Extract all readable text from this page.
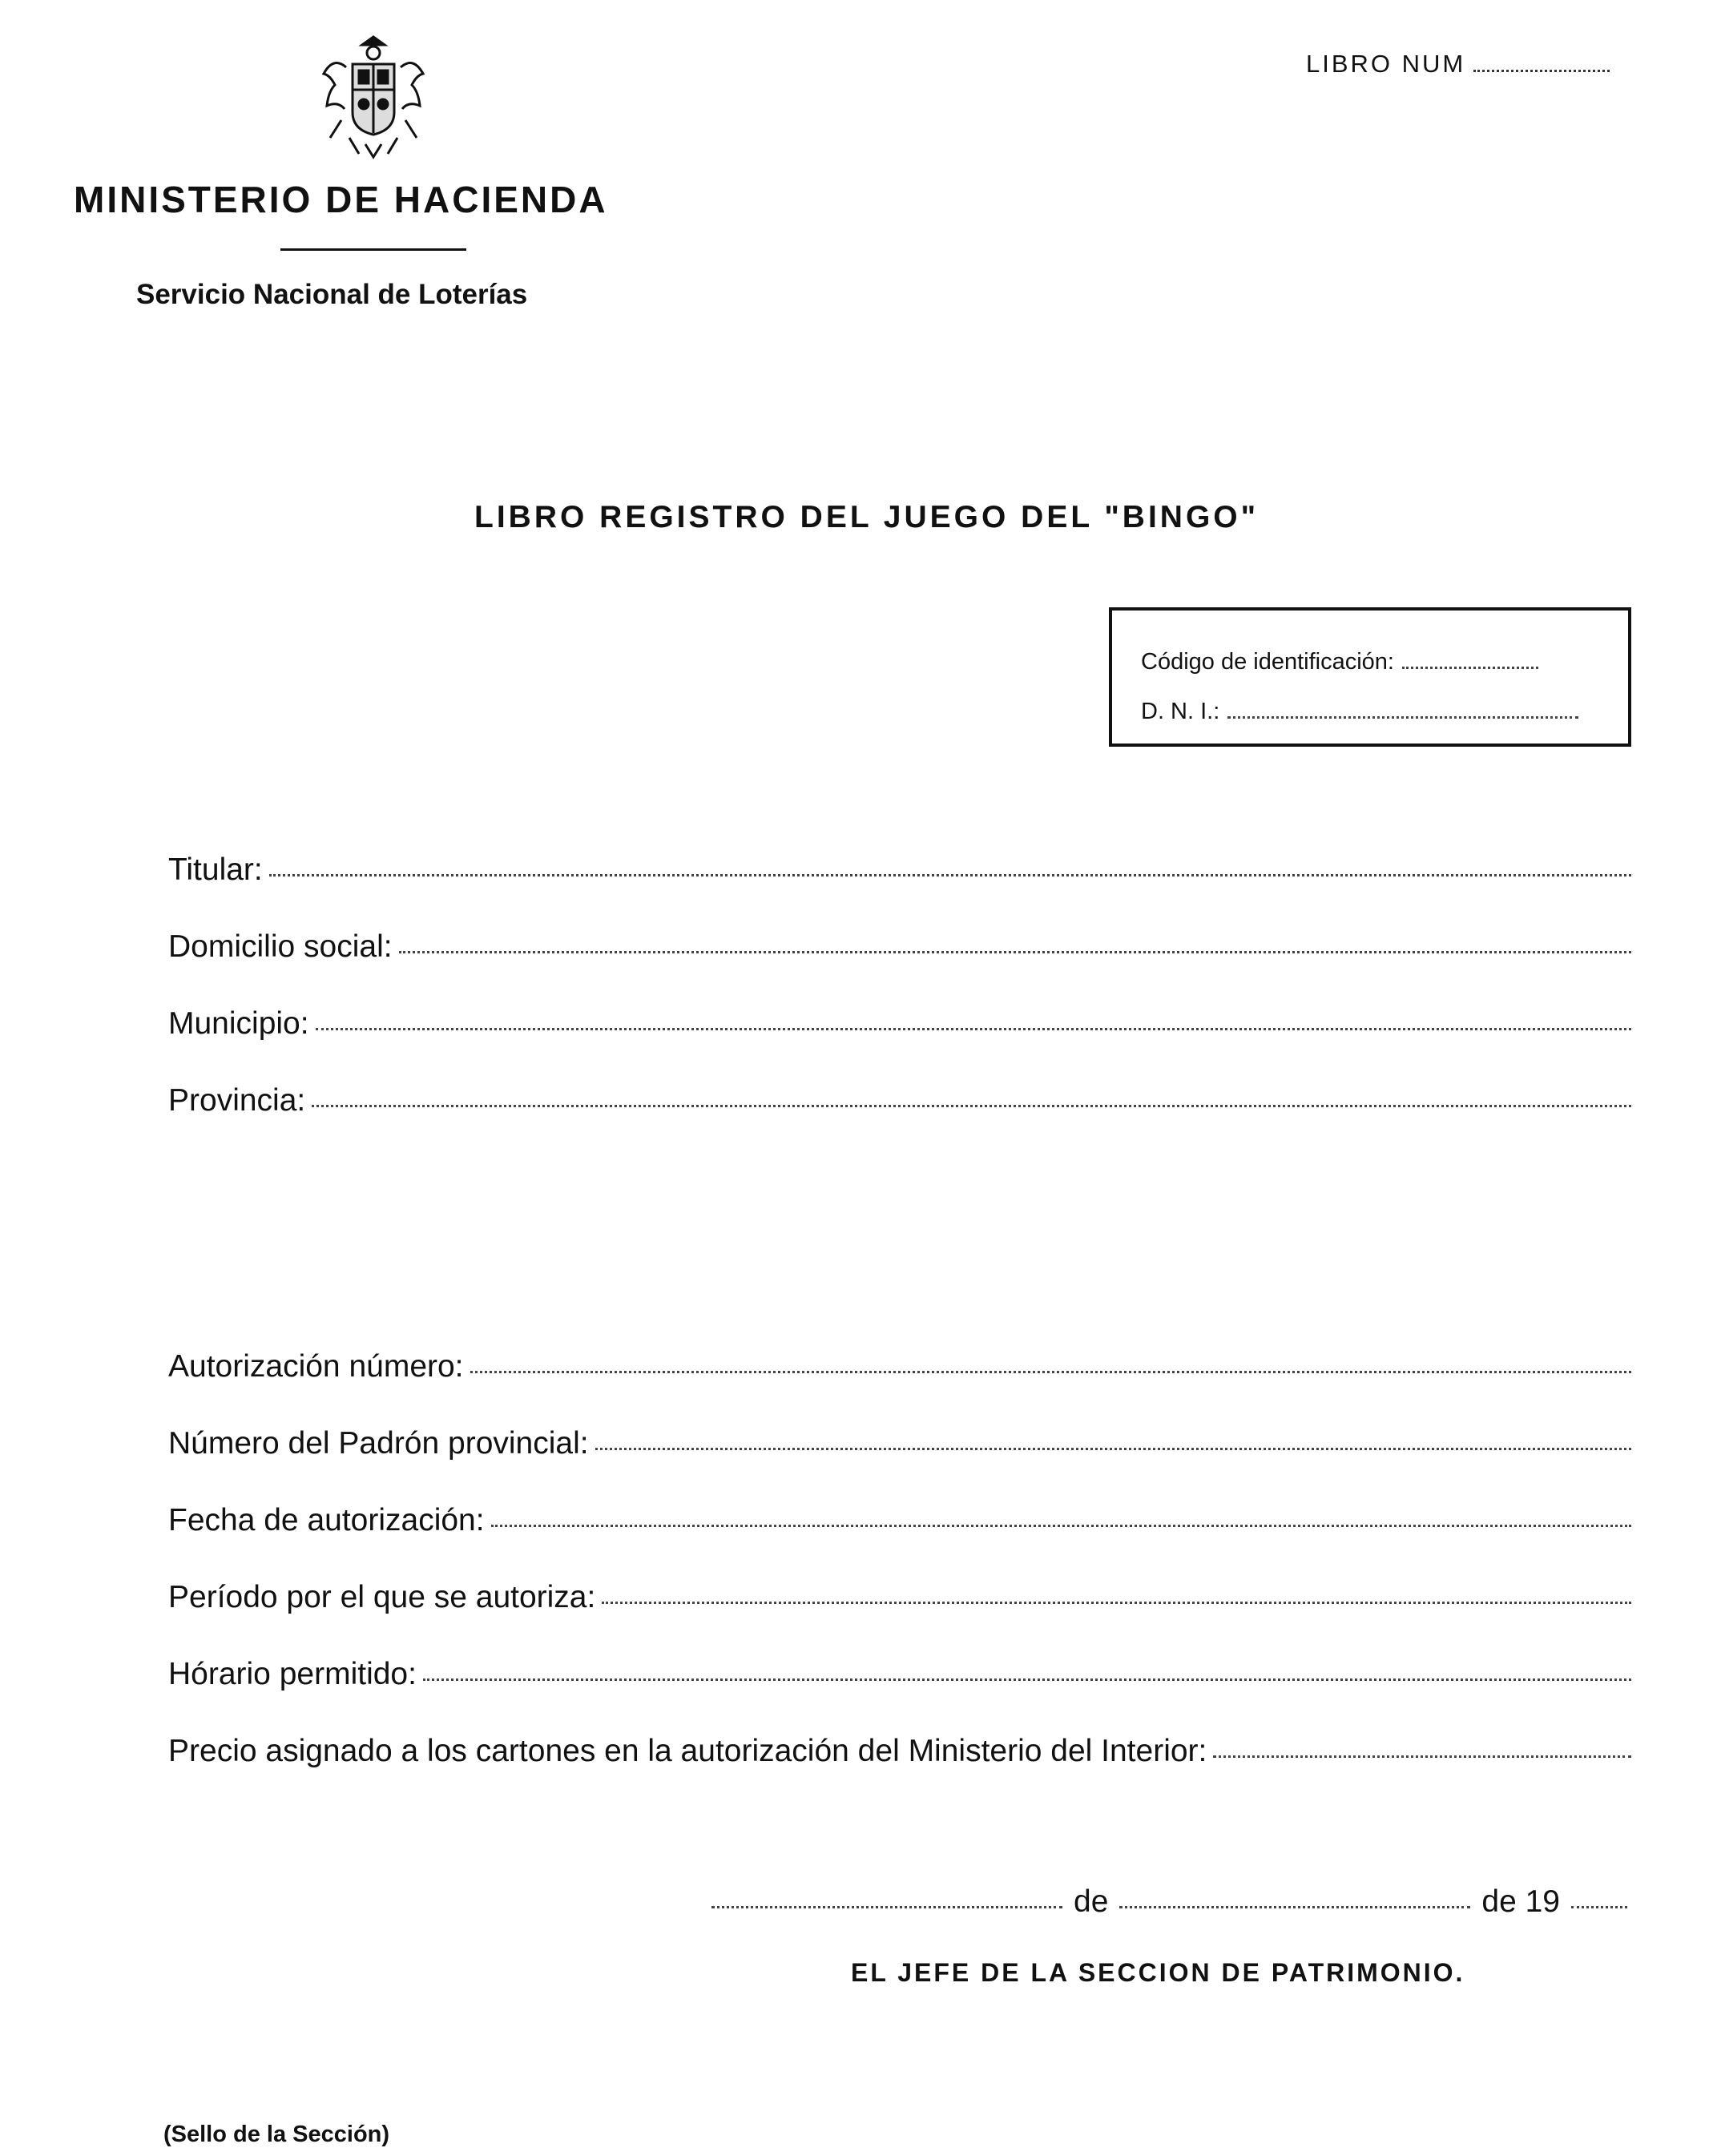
MINISTERIO DE HACIENDA
Servicio Nacional de Loterías
LIBRO NUM
LIBRO REGISTRO DEL JUEGO DEL "BINGO"
Código de identificación:
D. N. I.:
Titular:
Domicilio social:
Municipio:
Provincia:
Autorización número:
Número del Padrón provincial:
Fecha de autorización:
Período por el que se autoriza:
Hórario permitido:
Precio asignado a los cartones en la autorización del Ministerio del Interior:
de	de 19
EL JEFE DE LA SECCION DE PATRIMONIO.
(Sello de la Sección)
